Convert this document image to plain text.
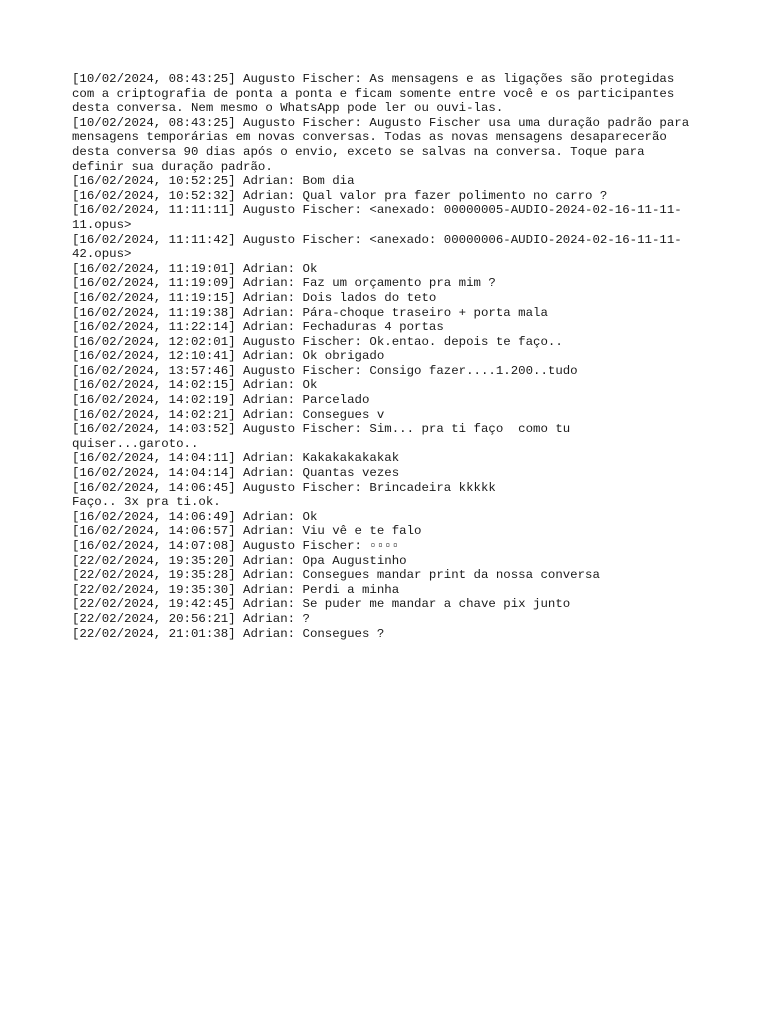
[10/02/2024, 08:43:25] Augusto Fischer: As mensagens e as ligações são protegidas
com a criptografia de ponta a ponta e ficam somente entre você e os participantes
desta conversa. Nem mesmo o WhatsApp pode ler ou ouvi-las.

[10/02/2024, 08:43:25] Augusto Fischer: Augusto Fischer usa uma duração padrão para
mensagens temporárias em novas conversas. Todas as novas mensagens desaparecerão
desta conversa 90 dias após o envio, exceto se salvas na conversa. Toque para
definir sua duração padrão.

[16/02/2024, 10:52:25] Adrian: Bom dia

[16/02/2024, 10:52:32] Adrian: Qual valor pra fazer polimento no carro ?

[16/02/2024, 11:11:11] Augusto Fischer: <anexado: 00000005-AUDIO-2024-02-16-11-11-
11.opus>

[16/02/2024, 11:11:42] Augusto Fischer: <anexado: 00000006-AUDIO-2024-02-16-11-11-
42.opus>

[16/02/2024, 11:19:01] Adrian: Ok

[16/02/2024, 11:19:09] Adrian: Faz um orçamento pra mim ?

[16/02/2024, 11:19:15] Adrian: Dois lados do teto

[16/02/2024, 11:19:38] Adrian: Pára-choque traseiro + porta mala

[16/02/2024, 11:22:14] Adrian: Fechaduras 4 portas

[16/02/2024, 12:02:01] Augusto Fischer: Ok.entao. depois te faço..

[16/02/2024, 12:10:41] Adrian: Ok obrigado

[16/02/2024, 13:57:46] Augusto Fischer: Consigo fazer....1.200..tudo

[16/02/2024, 14:02:15] Adrian: Ok

[16/02/2024, 14:02:19] Adrian: Parcelado

[16/02/2024, 14:02:21] Adrian: Consegues v

[16/02/2024, 14:03:52] Augusto Fischer: Sim... pra ti faço  como tu
quiser...garoto..

[16/02/2024, 14:04:11] Adrian: Kakakakakakak

[16/02/2024, 14:04:14] Adrian: Quantas vezes

[16/02/2024, 14:06:45] Augusto Fischer: Brincadeira kkkkk
Faço.. 3x pra ti.ok.

[16/02/2024, 14:06:49] Adrian: Ok

[16/02/2024, 14:06:57] Adrian: Viu vê e te falo

[16/02/2024, 14:07:08] Augusto Fischer: ▫▫▫▫

[22/02/2024, 19:35:20] Adrian: Opa Augustinho

[22/02/2024, 19:35:28] Adrian: Consegues mandar print da nossa conversa

[22/02/2024, 19:35:30] Adrian: Perdi a minha

[22/02/2024, 19:42:45] Adrian: Se puder me mandar a chave pix junto

[22/02/2024, 20:56:21] Adrian: ?

[22/02/2024, 21:01:38] Adrian: Consegues ?
